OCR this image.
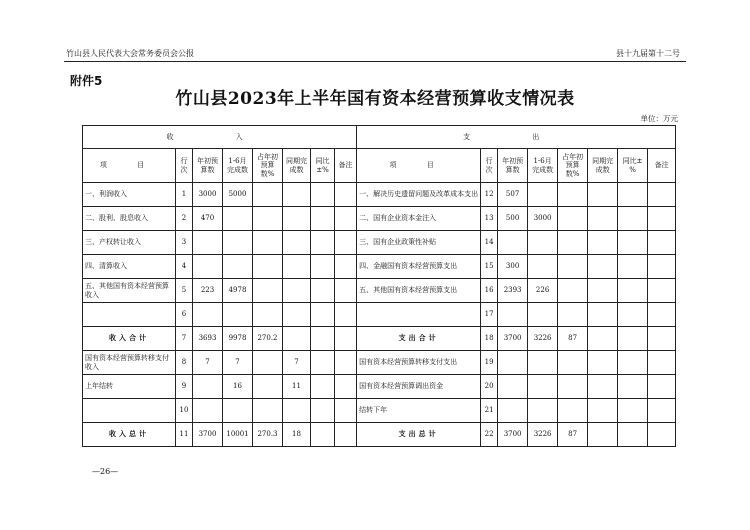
竹山县人民代表大会常务委员会公报	县十九届第十二号
附件5
竹山县2023年上半年国有资本经营预算收支情况表
单位：万元
收 入								支 出							
项 目	行次	年初预算数	1-6月完成数	占年初预算数%	同期完成数	同比±%	备注	项 目	行次	年初预算数	1-6月完成数	占年初预算数%	同期完成数	同比±%	备注
一、利润收入	1	3000	5000					一、解决历史遗留问题及改革成本支出	12	507					
二、股利、股息收入	2	470						二、国有企业资本金注入	13	500	3000				
三、产权转让收入	3							三、国有企业政策性补贴	14						
四、清算收入	4							四、金融国有资本经营预算支出	15	300					
五、其他国有资本经营预算收入	5	223	4978					五、其他国有资本经营预算支出	16	2393	226				
	6								17						
收入合计	7	3693	9978	270.2				支出合计	18	3700	3226	87			
国有资本经营预算转移支付收入	8	7	7		7			国有资本经营预算转移支付支出	19						
上年结转	9		16		11			国有资本经营预算调出资金	20						
	10							结转下年	21						
收入总计	11	3700	10001	270.3	18			支出总计	22	3700	3226	87			
—26—
